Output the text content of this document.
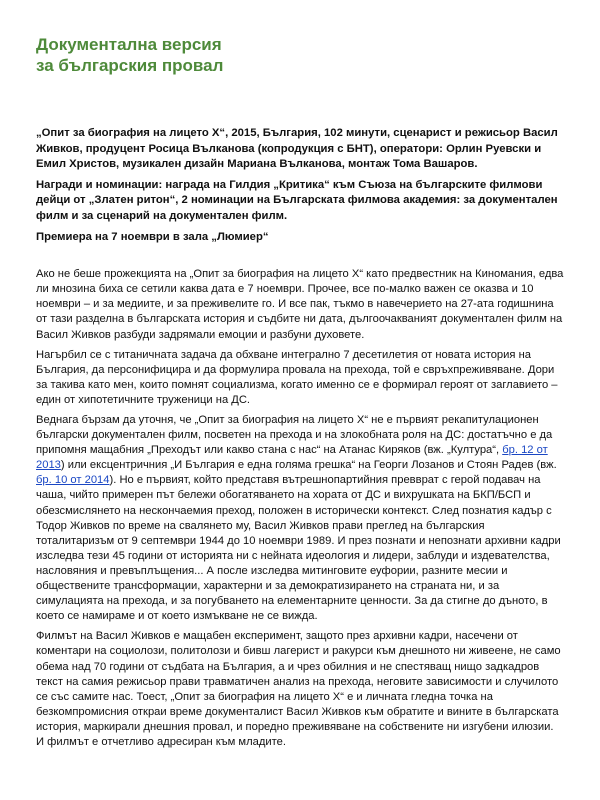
Документална версия
за българския провал

„Опит за биография на лицето Х“, 2015, България, 102 минути, сценарист и режисьор Васил Живков, продуцент Росица Вълканова (копродукция с БНТ), оператори: Орлин Руевски и Емил Христов, музикален дизайн Мариана Вълканова, монтаж Тома Вашаров.

Награди и номинации: награда на Гилдия „Критика“ към Съюза на българските филмови дейци от „Златен ритон“, 2 номинации на Българската филмова академия: за документален филм и за сценарий на документален филм.

Премиера на 7 ноември в зала „Люмиер“

Ако не беше прожекцията на „Опит за биография на лицето Х“ като предвестник на Киномания, едва ли мнозина биха се сетили каква дата е 7 ноември. Прочее, все по-малко важен се оказва и 10 ноември – и за медиите, и за преживелите го. И все пак, тъкмо в навечерието на 27-ата годишнина от тази разделна в българската история и съдбите ни дата, дългоочакваният документален филм на Васил Живков разбуди задрямали емоции и разбуни духовете.

Нагърбил се с титаничната задача да обхване интегрално 7 десетилетия от новата история на България, да персонифицира и да формулира провала на прехода, той е свръхпреживяване. Дори за такива като мен, които помнят социализма, когато именно се е формирал героят от заглавието – един от хипотетичните труженици на ДС.

Веднага бързам да уточня, че „Опит за биография на лицето Х“ не е първият рекапитулационен български документален филм, посветен на прехода и на злокобната роля на ДС: достатъчно е да припомня мащабния „Преходът или какво стана с нас“ на Атанас Киряков (вж. „Култура“, бр. 12 от 2013) или ексцентричния „И България е една голяма грешка“ на Георги Лозанов и Стоян Радев (вж. бр. 10 от 2014). Но е първият, който представя вътрешнопартийния превврат с герой подавач на чаша, чийто примерен път бележи обогатяването на хората от ДС и вихрушката на БКП/БСП и обезсмислянето на нескончаемия преход, положен в исторически контекст. След познатия кадър с Тодор Живков по време на свалянето му, Васил Живков прави преглед на българския тоталитаризъм от 9 септември 1944 до 10 ноември 1989. И през познати и непознати архивни кадри изследва тези 45 години от историята ни с нейната идеология и лидери, заблуди и издевателства, насловяния и превъплъщения... А после изследва митинговите еуфории, разните месии и обществените трансформации, характерни и за демократизирането на страната ни, и за симулацията на прехода, и за погубването на елементарните ценности. За да стигне до дъното, в което се намираме и от което измъкване не се вижда.

Филмът на Васил Живков е мащабен експеримент, защото през архивни кадри, насечени от коментари на социолози, политолози и бивш лагерист и ракурси към днешното ни живеене, не само обема над 70 години от съдбата на България, а и чрез обилния и не спестяващ нищо задкадров текст на самия режисьор прави травматичен анализ на прехода, неговите зависимости и случилото се със самите нас. Тоест, „Опит за биография на лицето Х“ е и личната гледна точка на безкомпромисния откраи време документалист Васил Живков към обратите и вините в българската история, маркирали днешния провал, и поредно преживяване на собствените ни изгубени илюзии. И филмът е отчетливо адресиран към младите.
